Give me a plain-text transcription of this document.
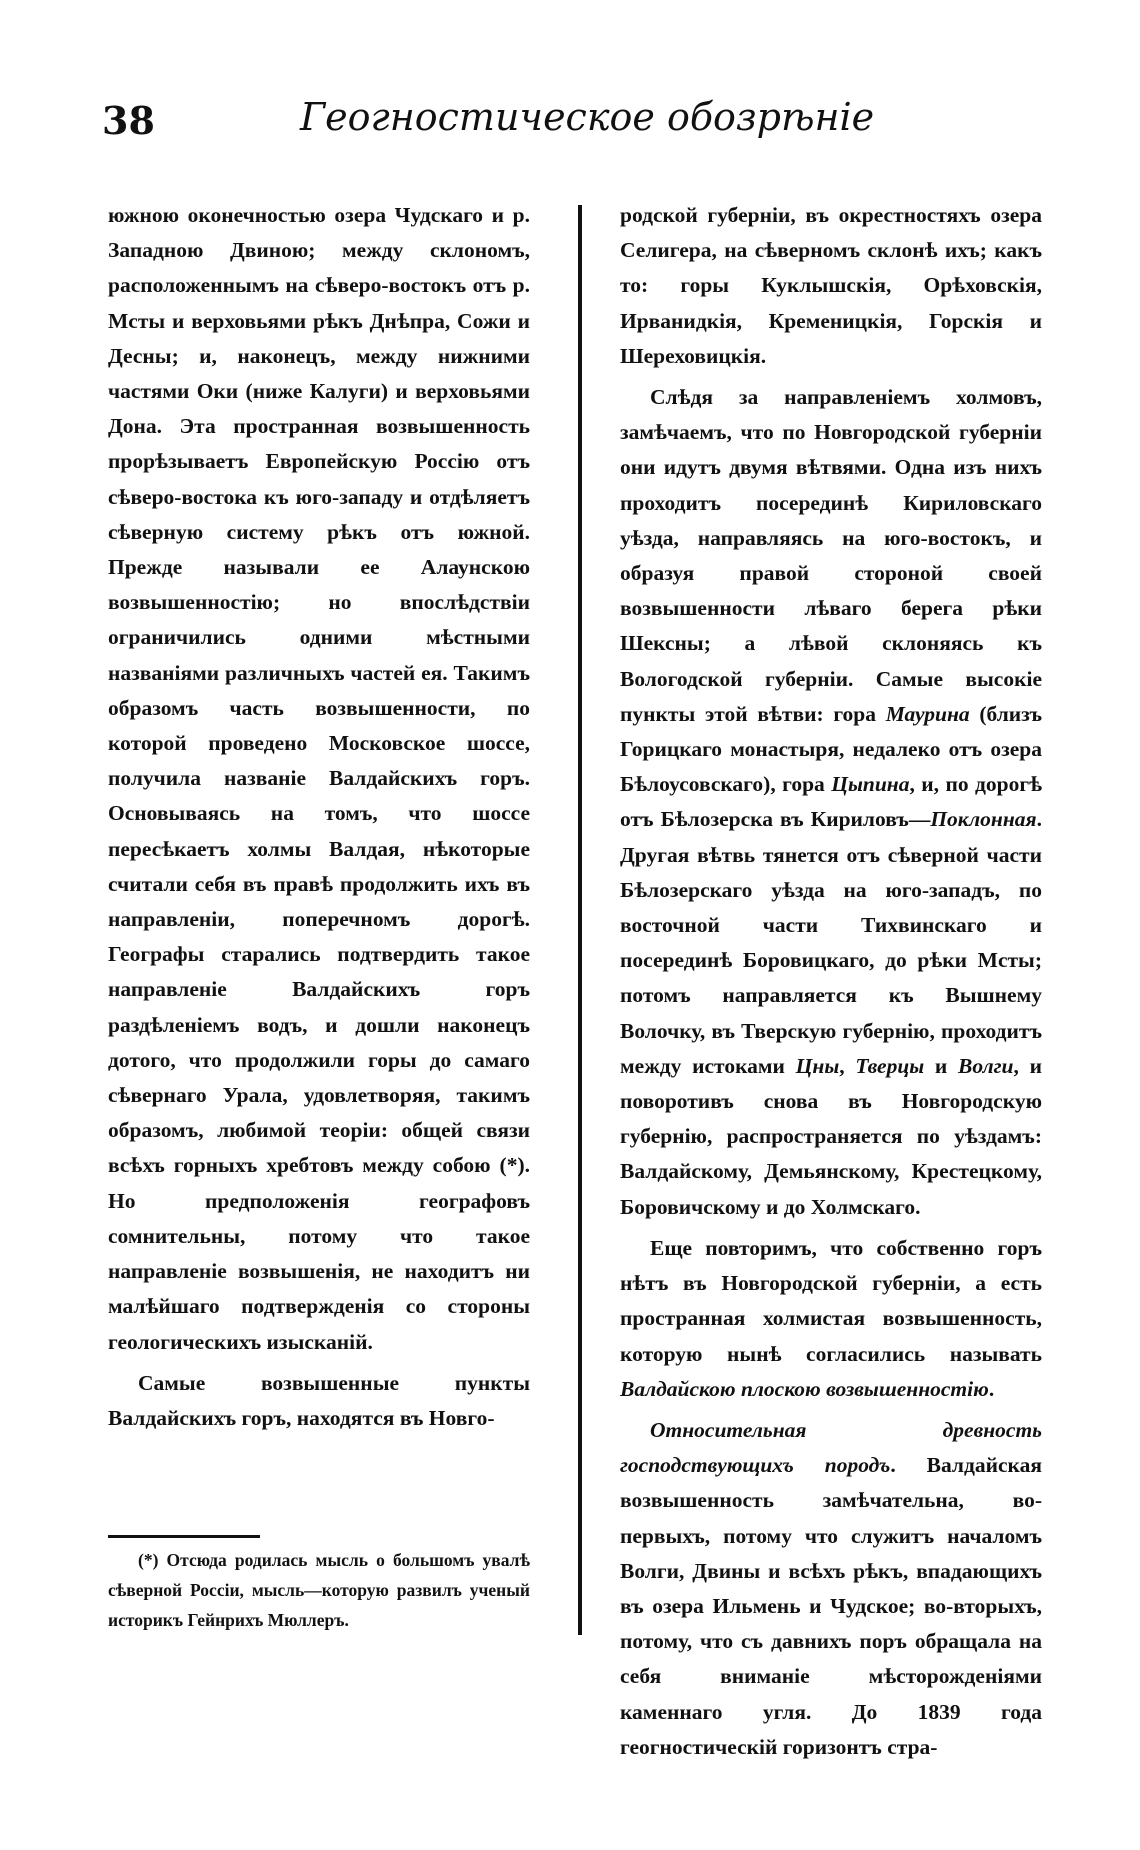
38	Геогностическое обозрѣніе

южною оконечностью озера Чудскаго и р. Западною Двиною; между склономъ, расположеннымъ на сѣверо-востокъ отъ р. Мсты и верховьями рѣкъ Днѣпра, Сожи и Десны; и, наконецъ, между нижними частями Оки (ниже Калуги) и верховьями Дона. Эта пространная возвышенность прорѣзываетъ Европейскую Россію отъ сѣверо-востока къ юго-западу и отдѣляетъ сѣверную систему рѣкъ отъ южной. Прежде называли ее Алаунскою возвышенностію; но впослѣдствіи ограничились одними мѣстными названіями различныхъ частей ея. Такимъ образомъ часть возвышенности, по которой проведено Московское шоссе, получила названіе Валдайскихъ горъ. Основываясь на томъ, что шоссе пересѣкаетъ холмы Валдая, нѣкоторые считали себя въ правѣ продолжить ихъ въ направленіи, поперечномъ дорогѣ. Географы старались подтвердить такое направленіе Валдайскихъ горъ раздѣленіемъ водъ, и дошли наконецъ дотого, что продолжили горы до самаго сѣвернаго Урала, удовлетворяя, такимъ образомъ, любимой теоріи: общей связи всѣхъ горныхъ хребтовъ между собою (*). Но предположенія географовъ сомнительны, потому что такое направленіе возвышенія, не находитъ ни малѣйшаго подтвержденія со стороны геологическихъ изысканій.

Самые возвышенные пункты Валдайскихъ горъ, находятся въ Новго-

родской губерніи, въ окрестностяхъ озера Селигера, на сѣверномъ склонѣ ихъ; какъ то: горы Куклышскія, Орѣховскія, Ирванидкія, Кременицкія, Горскія и Шереховицкія.

Слѣдя за направленіемъ холмовъ, замѣчаемъ, что по Новгородской губерніи они идутъ двумя вѣтвями. Одна изъ нихъ проходитъ посерединѣ Кириловскаго уѣзда, направляясь на юго-востокъ, и образуя правой стороной своей возвышенности лѣваго берега рѣки Шексны; а лѣвой склоняясь къ Вологодской губерніи. Самые высокіе пункты этой вѣтви: гора Маурина (близъ Горицкаго монастыря, недалеко отъ озера Бѣлоусовскаго), гора Цыпина, и, по дорогѣ отъ Бѣлозерска въ Кириловъ—Поклонная. Другая вѣтвь тянется отъ сѣверной части Бѣлозерскаго уѣзда на юго-западъ, по восточной части Тихвинскаго и посерединѣ Боровицкаго, до рѣки Мсты; потомъ направляется къ Вышнему Волочку, въ Тверскую губернію, проходитъ между истоками Цны, Тверцы и Волги, и поворотивъ снова въ Новгородскую губернію, распространяется по уѣздамъ: Валдайскому, Демьянскому, Крестецкому, Боровичскому и до Холмскаго.

Еще повторимъ, что собственно горъ нѣтъ въ Новгородской губерніи, а есть пространная холмистая возвышенность, которую нынѣ согласились называть Валдайскою плоскою возвышенностію.

Относительная древность господствующихъ породъ. Валдайская возвышенность замѣчательна, во-первыхъ, потому что служитъ началомъ Волги, Двины и всѣхъ рѣкъ, впадающихъ въ озера Ильмень и Чудское; во-вторыхъ, потому, что съ давнихъ поръ обращала на себя вниманіе мѣсторожденіями каменнаго угля. До 1839 года геогностическій горизонтъ стра-

(*) Отсюда родилась мысль о большомъ увалѣ сѣверной Россіи, мысль—которую развилъ ученый историкъ Гейнрихъ Мюллеръ.
